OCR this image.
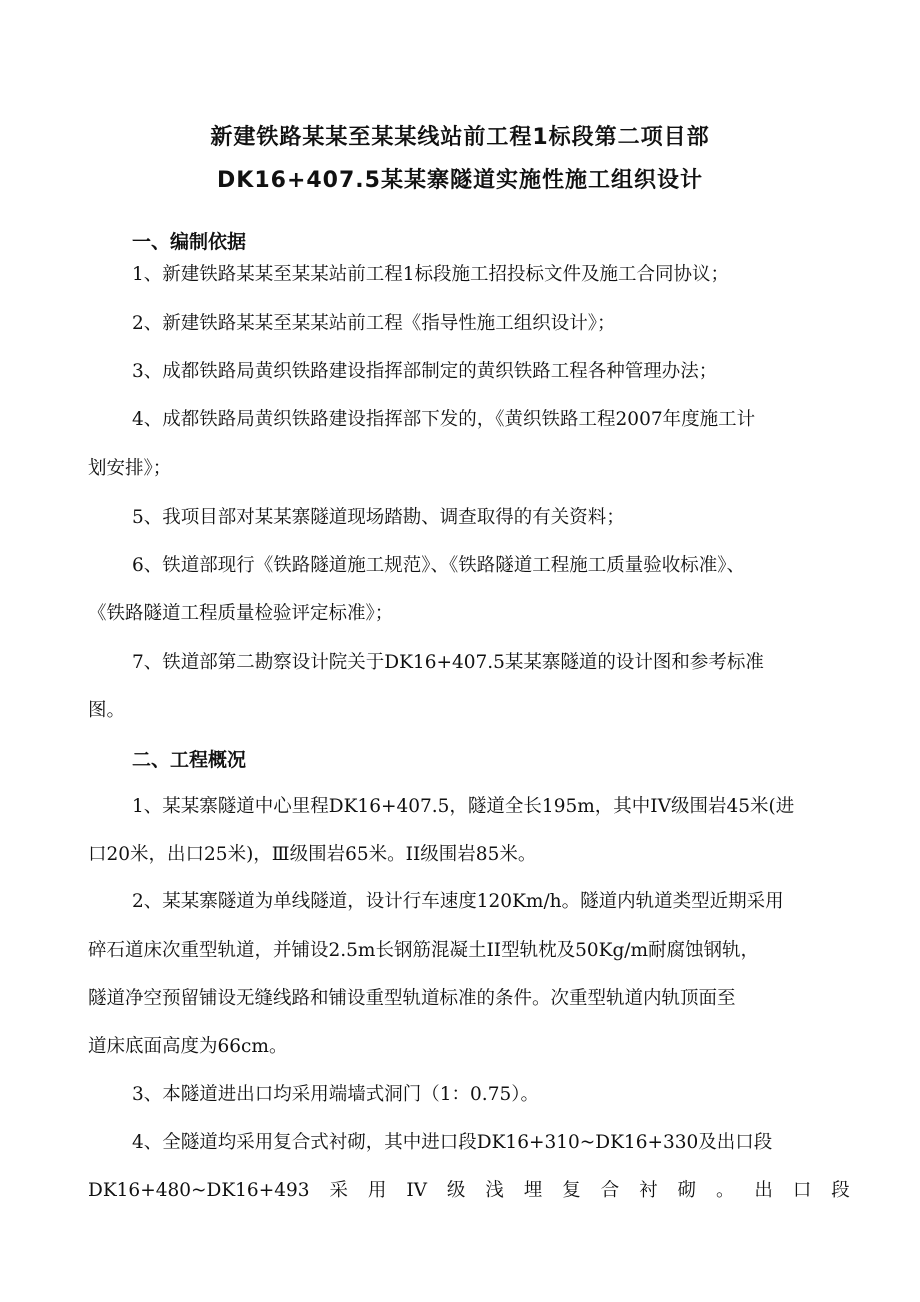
新建铁路某某至某某线站前工程1标段第二项目部
DK16+407.5某某寨隧道实施性施工组织设计
一、编制依据
1、新建铁路某某至某某站前工程1标段施工招投标文件及施工合同协议；
2、新建铁路某某至某某站前工程《指导性施工组织设计》；
3、成都铁路局黄织铁路建设指挥部制定的黄织铁路工程各种管理办法；
4、成都铁路局黄织铁路建设指挥部下发的，《黄织铁路工程2007年度施工计
划安排》；
5、我项目部对某某寨隧道现场踏勘、调查取得的有关资料；
6、铁道部现行《铁路隧道施工规范》、《铁路隧道工程施工质量验收标准》、
《铁路隧道工程质量检验评定标准》；
7、铁道部第二勘察设计院关于DK16+407.5某某寨隧道的设计图和参考标准
图。
二、工程概况
1、某某寨隧道中心里程DK16+407.5，隧道全长195m，其中IV级围岩45米(进
口20米，出口25米)，Ⅲ级围岩65米。II级围岩85米。
2、某某寨隧道为单线隧道，设计行车速度120Km/h。隧道内轨道类型近期采用
碎石道床次重型轨道，并铺设2.5m长钢筋混凝土II型轨枕及50Kg/m耐腐蚀钢轨，
隧道净空预留铺设无缝线路和铺设重型轨道标准的条件。次重型轨道内轨顶面至
道床底面高度为66cm。
3、本隧道进出口均采用端墙式洞门（1：0.75）。
4、全隧道均采用复合式衬砌，其中进口段DK16+310~DK16+330及出口段
DK16+480~DK16+493 采 用 IV 级 浅 埋 复 合 衬 砌 。 出 口 段
